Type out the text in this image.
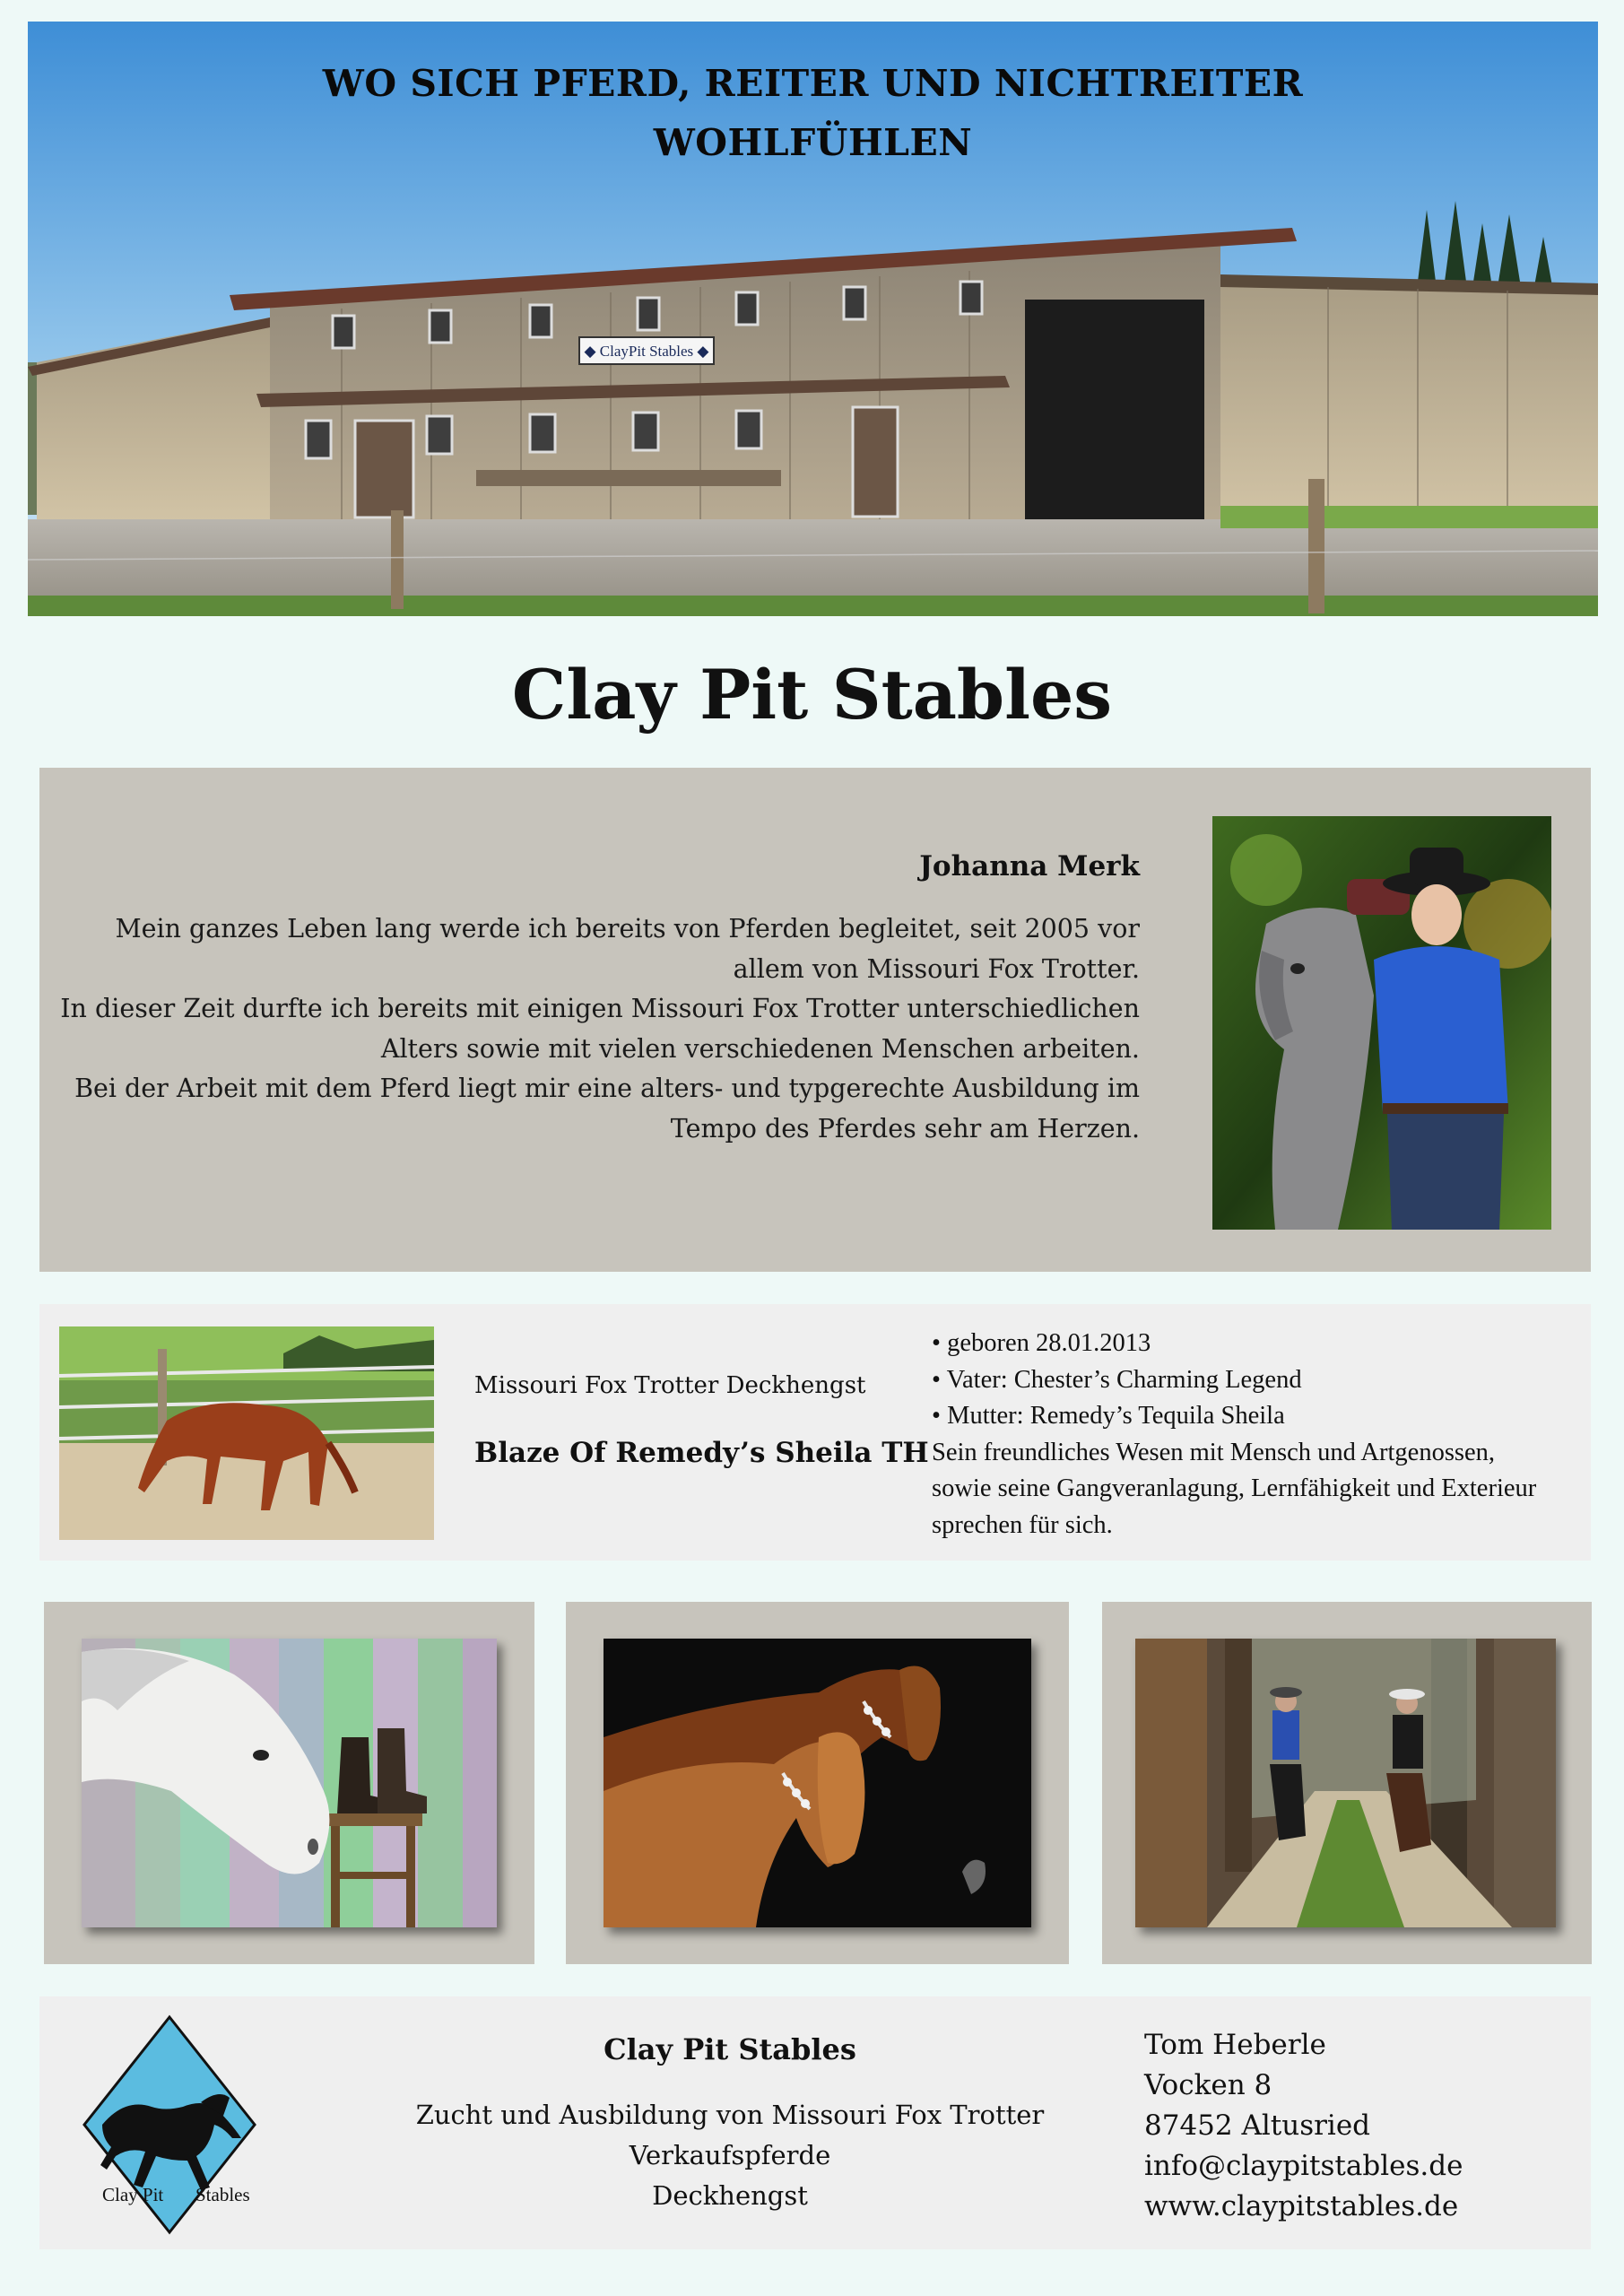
◆ ClayPit Stables ◆
WO SICH PFERD, REITER UND NICHTREITER
WOHLFÜHLEN
Clay Pit Stables
Johanna Merk

Mein ganzes Leben lang werde ich bereits von Pferden begleitet, seit 2005 vor allem von Missouri Fox Trotter.

In dieser Zeit durfte ich bereits mit einigen Missouri Fox Trotter unterschiedlichen Alters sowie mit vielen verschiedenen Menschen arbeiten.

Bei der Arbeit mit dem Pferd liegt mir eine alters- und typgerechte Ausbildung im Tempo des Pferdes sehr am Herzen.

Missouri Fox Trotter Deckhengst
Blaze Of Remedy’s Sheila TH
• geboren 28.01.2013
• Vater: Chester’s Charming Legend
• Mutter: Remedy’s Tequila Sheila
Sein freundliches Wesen mit Mensch und Artgenossen, sowie seine Gangveranlagung, Lernfähigkeit und Exterieur sprechen für sich.
Clay Pit Stables
Clay Pit Stables
Zucht und Ausbildung von Missouri Fox Trotter
Verkaufspferde
Deckhengst
Tom Heberle
Vocken 8
87452 Altusried
info@claypitstables.de
www.claypitstables.de
